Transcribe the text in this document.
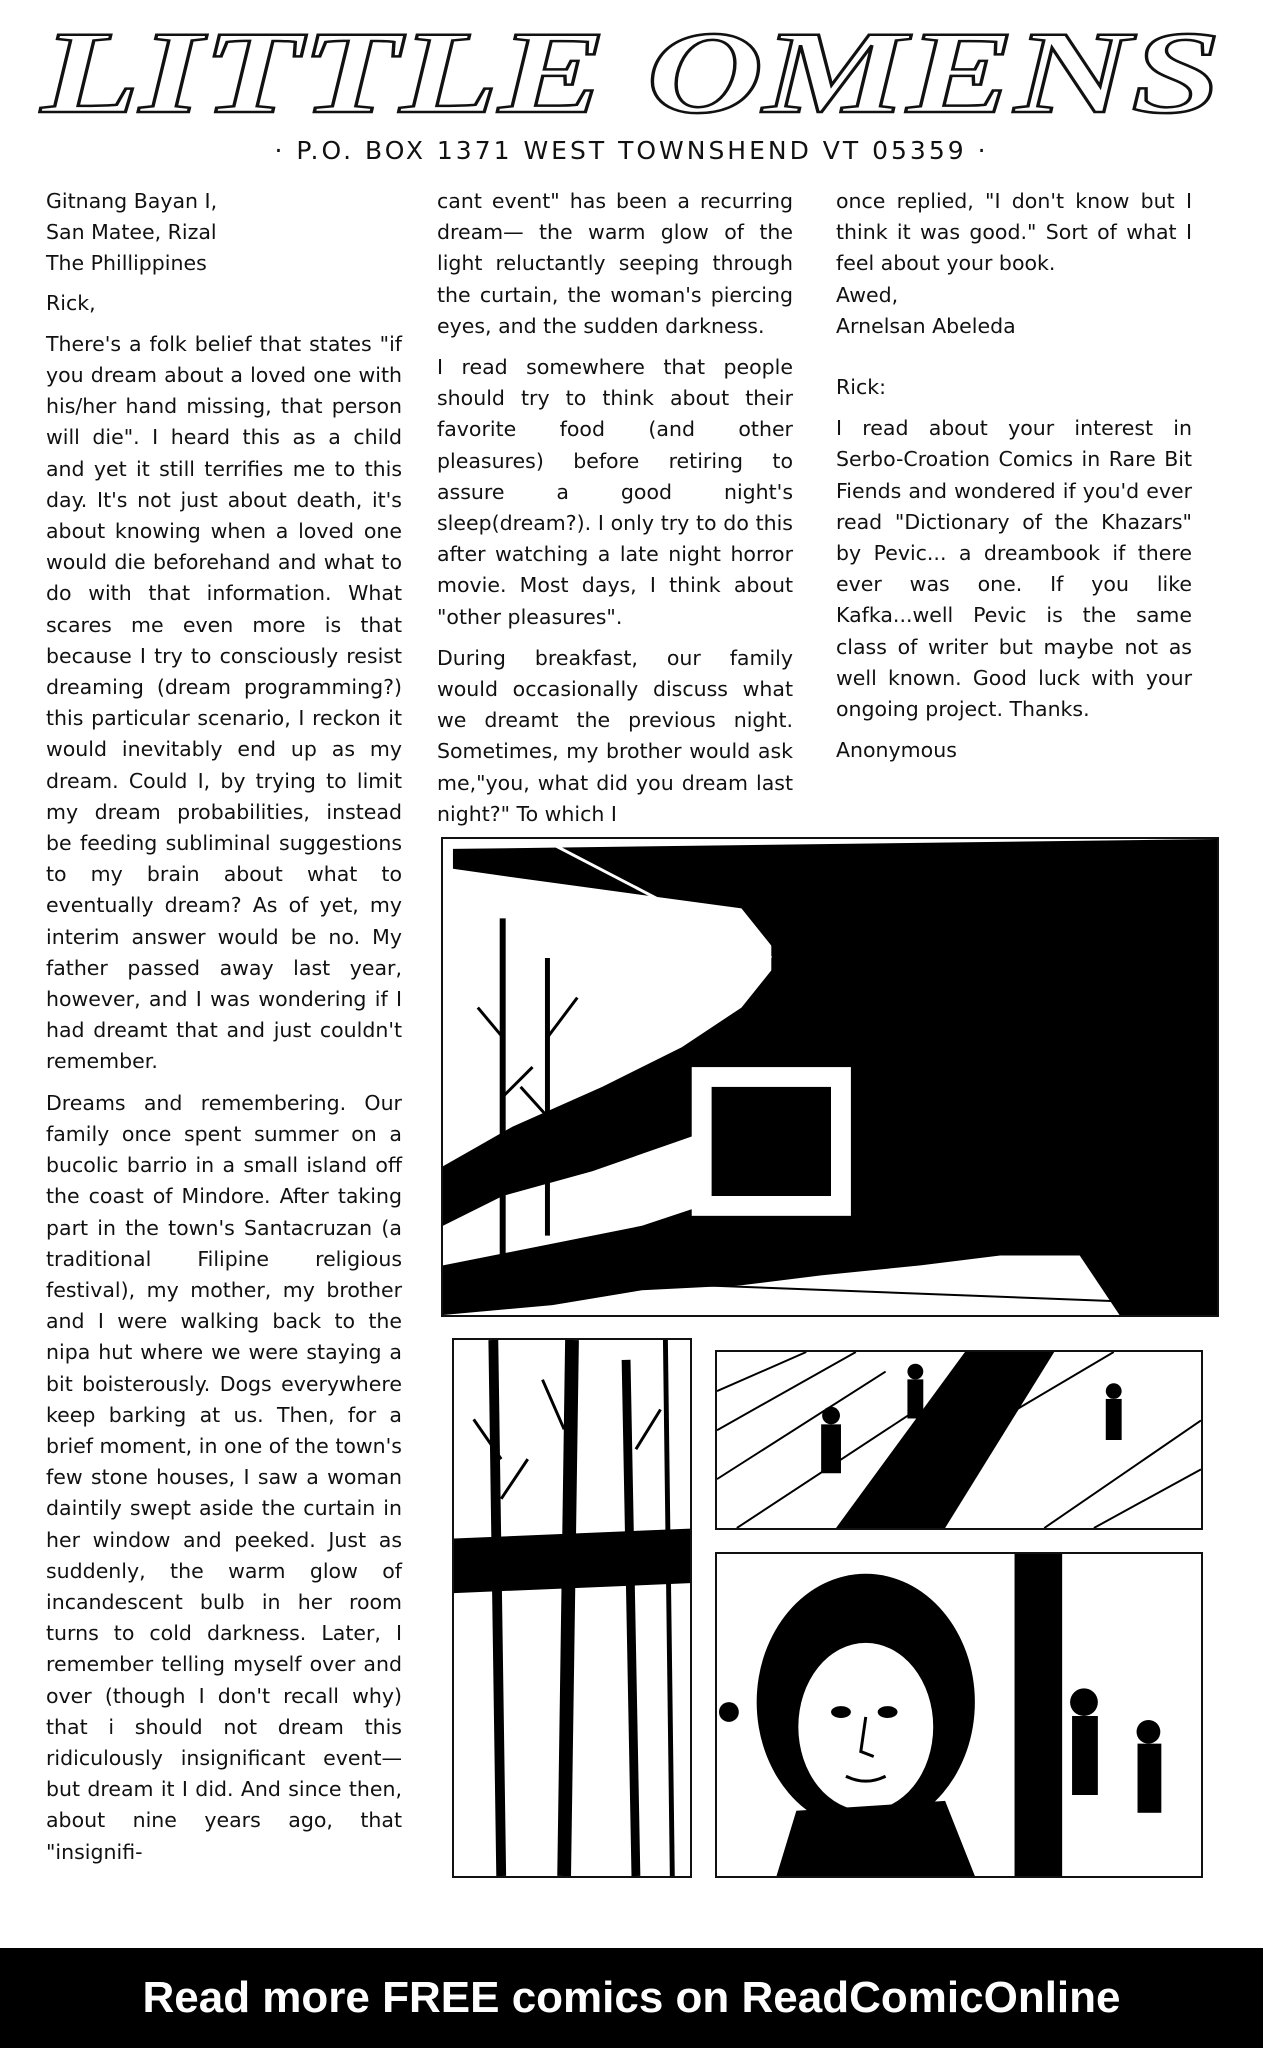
LITTLE OMENS
· P.O. BOX 1371 WEST TOWNSHEND VT 05359 ·

Gitnang Bayan I,

San Matee, Rizal

The Phillippines

Rick,

There's a folk belief that states "if you dream about a loved one with his/her hand missing, that person will die". I heard this as a child and yet it still terrifies me to this day. It's not just about death, it's about knowing when a loved one would die beforehand and what to do with that information. What scares me even more is that because I try to consciously resist dreaming (dream programming?) this particular scenario, I reckon it would inevitably end up as my dream. Could I, by trying to limit my dream probabilities, instead be feeding subliminal suggestions to my brain about what to eventually dream? As of yet, my interim answer would be no. My father passed away last year, however, and I was wondering if I had dreamt that and just couldn't remember.

Dreams and remembering. Our family once spent summer on a bucolic barrio in a small island off the coast of Mindore. After taking part in the town's Santacruzan (a traditional Filipine religious festival), my mother, my brother and I were walking back to the nipa hut where we were staying a bit boisterously. Dogs everywhere keep barking at us. Then, for a brief moment, in one of the town's few stone houses, I saw a woman daintily swept aside the curtain in her window and peeked. Just as suddenly, the warm glow of incandescent bulb in her room turns to cold darkness. Later, I remember telling myself over and over (though I don't recall why) that i should not dream this ridiculously insignificant event—but dream it I did. And since then, about nine years ago, that "insignifi-

cant event" has been a recurring dream— the warm glow of the light reluctantly seeping through the curtain, the woman's piercing eyes, and the sudden darkness.

I read somewhere that people should try to think about their favorite food (and other pleasures) before retiring to assure a good night's sleep(dream?). I only try to do this after watching a late night horror movie. Most days, I think about "other pleasures".

During breakfast, our family would occasionally discuss what we dreamt the previous night. Sometimes, my brother would ask me,"you, what did you dream last night?" To which I

once replied, "I don't know but I think it was good." Sort of what I feel about your book.

Awed,

Arnelsan Abeleda

Rick:

I read about your interest in Serbo-Croation Comics in Rare Bit Fiends and wondered if you'd ever read "Dictionary of the Khazars" by Pevic... a dreambook if there ever was one. If you like Kafka...well Pevic is the same class of writer but maybe not as well known. Good luck with your ongoing project. Thanks.

Anonymous

Read more FREE comics on ReadComicOnline
